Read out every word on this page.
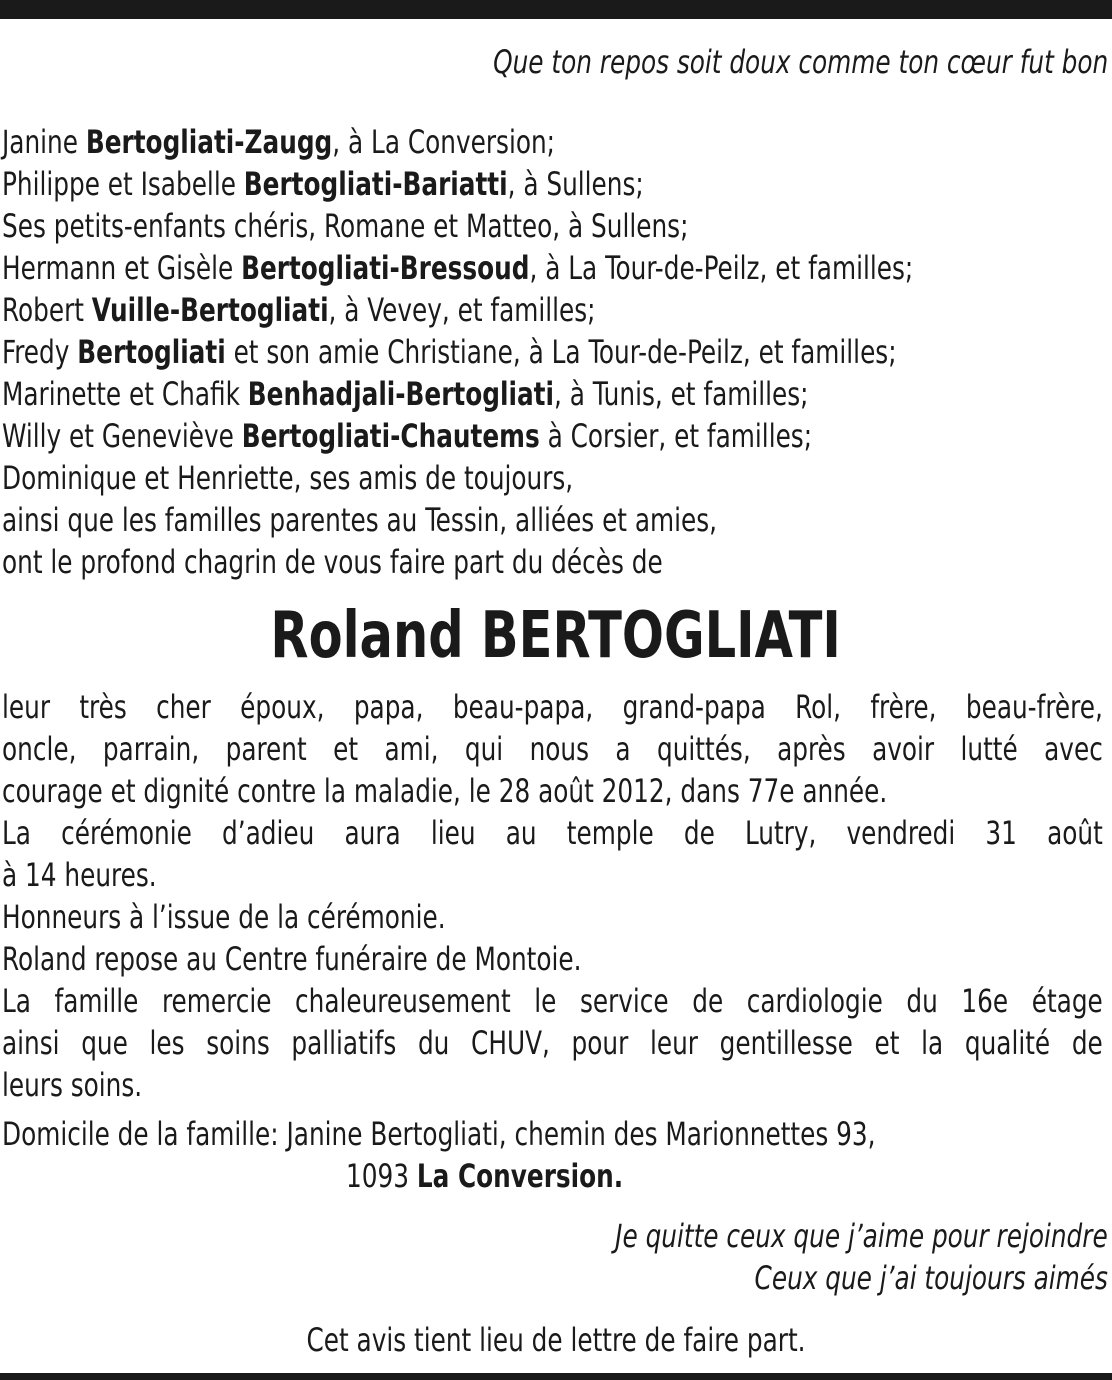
Que ton repos soit doux comme ton cœur fut bon
Janine Bertogliati-Zaugg, à La Conversion;
Philippe et Isabelle Bertogliati-Bariatti, à Sullens;
Ses petits-enfants chéris, Romane et Matteo, à Sullens;
Hermann et Gisèle Bertogliati-Bressoud, à La Tour-de-Peilz, et familles;
Robert Vuille-Bertogliati, à Vevey, et familles;
Fredy Bertogliati et son amie Christiane, à La Tour-de-Peilz, et familles;
Marinette et Chafik Benhadjali-Bertogliati, à Tunis, et familles;
Willy et Geneviève Bertogliati-Chautems à Corsier, et familles;
Dominique et Henriette, ses amis de toujours,
ainsi que les familles parentes au Tessin, alliées et amies,
ont le profond chagrin de vous faire part du décès de
Roland BERTOGLIATI
leur très cher époux, papa, beau-papa, grand-papa Rol, frère, beau-frère,
oncle, parrain, parent et ami, qui nous a quittés, après avoir lutté avec
courage et dignité contre la maladie, le 28 août 2012, dans 77e année.
La cérémonie d’adieu aura lieu au temple de Lutry, vendredi 31 août
à 14 heures.
Honneurs à l’issue de la cérémonie.
Roland repose au Centre funéraire de Montoie.
La famille remercie chaleureusement le service de cardiologie du 16e étage
ainsi que les soins palliatifs du CHUV, pour leur gentillesse et la qualité de
leurs soins.
Domicile de la famille: Janine Bertogliati, chemin des Marionnettes 93,
1093 La Conversion.
Je quitte ceux que j’aime pour rejoindre
Ceux que j’ai toujours aimés
Cet avis tient lieu de lettre de faire part.
